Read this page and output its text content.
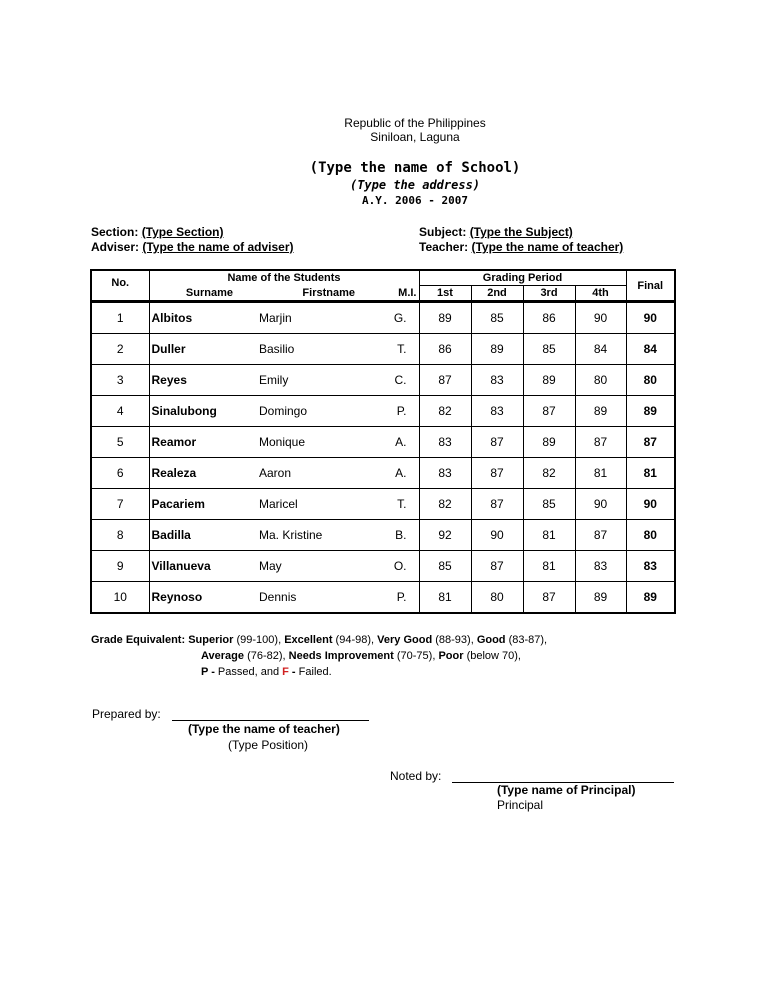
Republic of the Philippines
Siniloan, Laguna
(Type the name of School)
(Type the address)
A.Y. 2006 - 2007
Section: (Type Section)
Adviser: (Type the name of adviser)
Subject: (Type the Subject)
Teacher: (Type the name of teacher)
No.	Name of the Students			Grading Period				Final
	Surname	Firstname	M.I.	1st	2nd	3rd	4th	
1	Albitos	Marjin	G.	89	85	86	90	90
2	Duller	Basilio	T.	86	89	85	84	84
3	Reyes	Emily	C.	87	83	89	80	80
4	Sinalubong	Domingo	P.	82	83	87	89	89
5	Reamor	Monique	A.	83	87	89	87	87
6	Realeza	Aaron	A.	83	87	82	81	81
7	Pacariem	Maricel	T.	82	87	85	90	90
8	Badilla	Ma. Kristine	B.	92	90	81	87	80
9	Villanueva	May	O.	85	87	81	83	83
10	Reynoso	Dennis	P.	81	80	87	89	89
Grade Equivalent: Superior (99-100), Excellent (94-98), Very Good (88-93), Good (83-87),
Average (76-82), Needs Improvement (70-75), Poor (below 70),
P - Passed, and F - Failed.
Prepared by:
(Type the name of teacher)
(Type Position)
Noted by:
(Type name of Principal)
Principal
